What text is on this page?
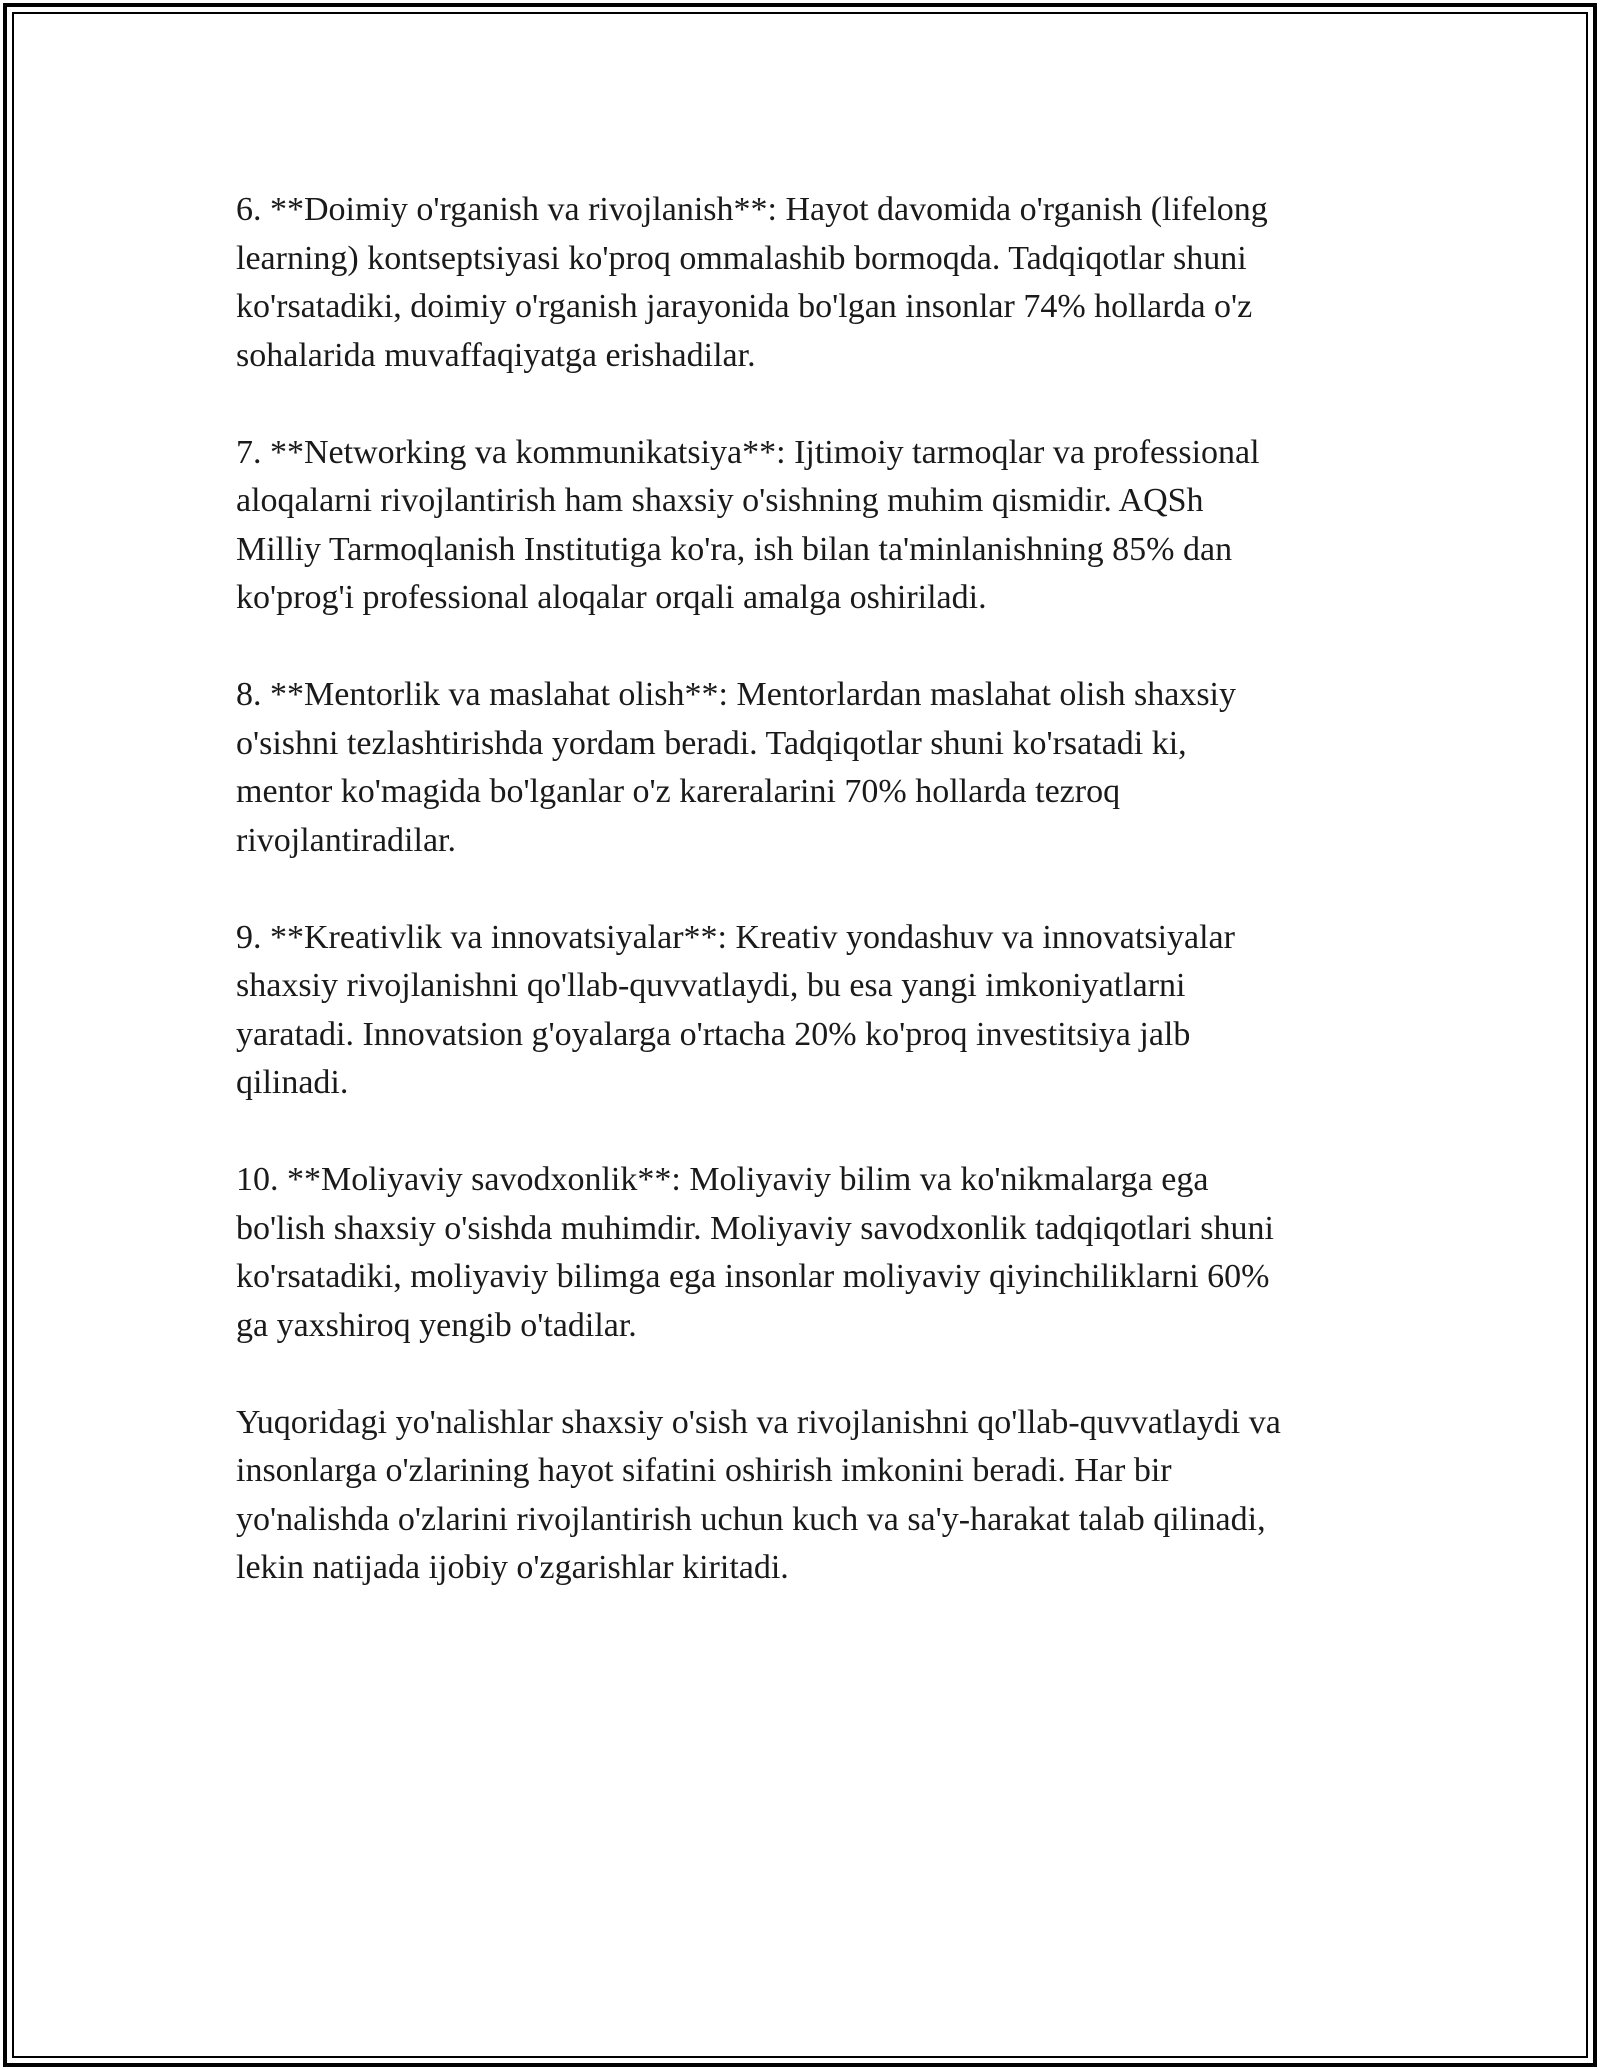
6. **Doimiy o'rganish va rivojlanish**: Hayot davomida o'rganish (lifelong
learning) kontseptsiyasi ko'proq ommalashib bormoqda. Tadqiqotlar shuni
ko'rsatadiki, doimiy o'rganish jarayonida bo'lgan insonlar 74% hollarda o'z
sohalarida muvaffaqiyatga erishadilar.

7. **Networking va kommunikatsiya**: Ijtimoiy tarmoqlar va professional
aloqalarni rivojlantirish ham shaxsiy o'sishning muhim qismidir. AQSh
Milliy Tarmoqlanish Institutiga ko'ra, ish bilan ta'minlanishning 85% dan
ko'prog'i professional aloqalar orqali amalga oshiriladi.

8. **Mentorlik va maslahat olish**: Mentorlardan maslahat olish shaxsiy
o'sishni tezlashtirishda yordam beradi. Tadqiqotlar shuni ko'rsatadi ki,
mentor ko'magida bo'lganlar o'z kareralarini 70% hollarda tezroq
rivojlantiradilar.

9. **Kreativlik va innovatsiyalar**: Kreativ yondashuv va innovatsiyalar
shaxsiy rivojlanishni qo'llab-quvvatlaydi, bu esa yangi imkoniyatlarni
yaratadi. Innovatsion g'oyalarga o'rtacha 20% ko'proq investitsiya jalb
qilinadi.

10. **Moliyaviy savodxonlik**: Moliyaviy bilim va ko'nikmalarga ega
bo'lish shaxsiy o'sishda muhimdir. Moliyaviy savodxonlik tadqiqotlari shuni
ko'rsatadiki, moliyaviy bilimga ega insonlar moliyaviy qiyinchiliklarni 60%
ga yaxshiroq yengib o'tadilar.

Yuqoridagi yo'nalishlar shaxsiy o'sish va rivojlanishni qo'llab-quvvatlaydi va
insonlarga o'zlarining hayot sifatini oshirish imkonini beradi. Har bir
yo'nalishda o'zlarini rivojlantirish uchun kuch va sa'y-harakat talab qilinadi,
lekin natijada ijobiy o'zgarishlar kiritadi.
